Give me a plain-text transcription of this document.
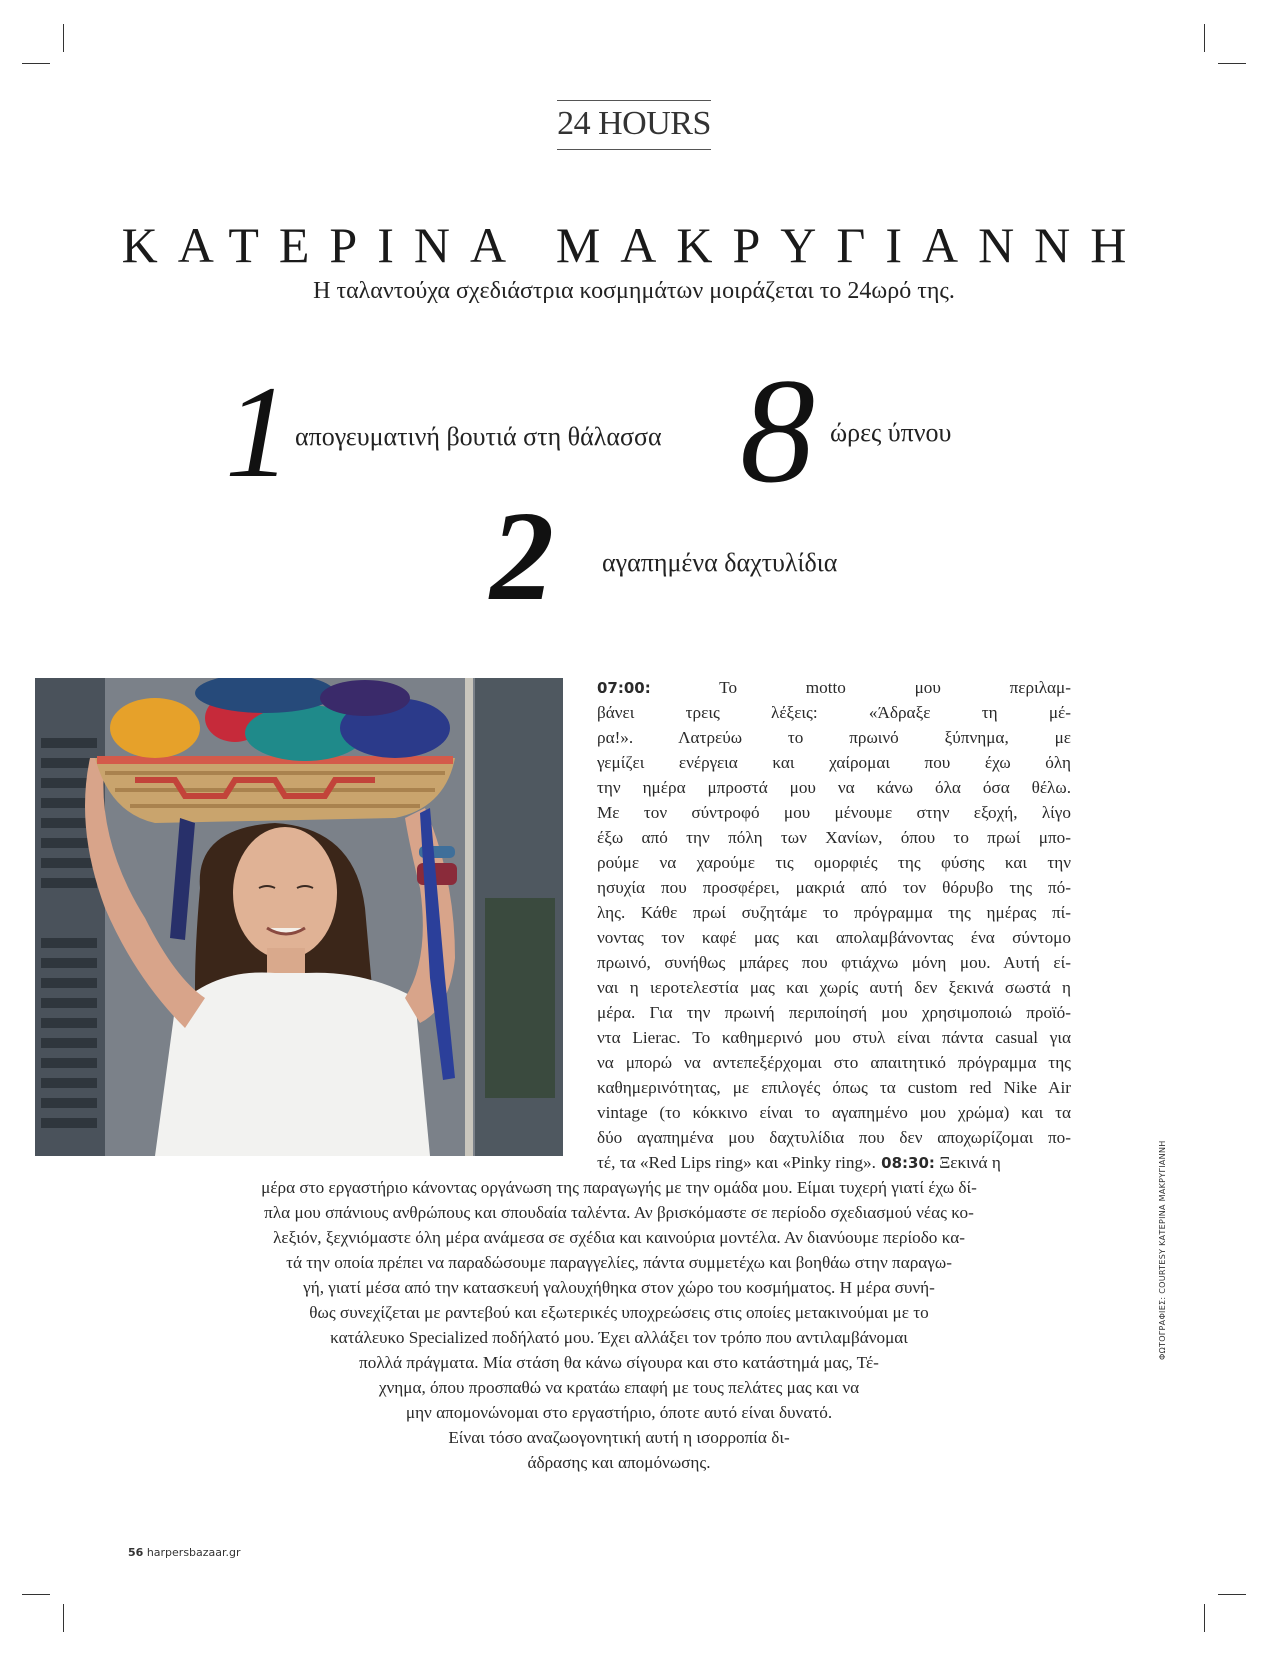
24 HOURS
ΚΑΤΕΡΙΝΑ ΜΑΚΡΥΓΙΑΝΝΗ
Η ταλαντούχα σχεδιάστρια κοσμημάτων μοιράζεται το 24ωρό της.
1 απογευματινή βουτιά στη θάλασσα 8 ώρες ύπνου
2 αγαπημένα δαχτυλίδια
07:00: Το motto μου περιλαμ-
βάνει τρεις λέξεις: «Άδραξε τη μέ-
ρα!». Λατρεύω το πρωινό ξύπνημα, με
γεμίζει ενέργεια και χαίρομαι που έχω όλη
την ημέρα μπροστά μου να κάνω όλα όσα θέλω.
Με τον σύντροφό μου μένουμε στην εξοχή, λίγο
έξω από την πόλη των Χανίων, όπου το πρωί μπο-
ρούμε να χαρούμε τις ομορφιές της φύσης και την
ησυχία που προσφέρει, μακριά από τον θόρυβο της πό-
λης. Κάθε πρωί συζητάμε το πρόγραμμα της ημέρας πί-
νοντας τον καφέ μας και απολαμβάνοντας ένα σύντομο
πρωινό, συνήθως μπάρες που φτιάχνω μόνη μου. Αυτή εί-
ναι η ιεροτελεστία μας και χωρίς αυτή δεν ξεκινά σωστά η
μέρα. Για την πρωινή περιποίησή μου χρησιμοποιώ προϊό-
ντα Lierac. Το καθημερινό μου στυλ είναι πάντα casual για
να μπορώ να αντεπεξέρχομαι στο απαιτητικό πρόγραμμα της
καθημερινότητας, με επιλογές όπως τα custom red Nike Air
vintage (το κόκκινο είναι το αγαπημένο μου χρώμα) και τα
δύο αγαπημένα μου δαχτυλίδια που δεν αποχωρίζομαι πο-
τέ, τα «Red Lips ring» και «Pinky ring». 08:30: Ξεκινά η
μέρα στο εργαστήριο κάνοντας οργάνωση της παραγωγής με την ομάδα μου. Είμαι τυχερή γιατί έχω δί-
πλα μου σπάνιους ανθρώπους και σπουδαία ταλέντα. Αν βρισκόμαστε σε περίοδο σχεδιασμού νέας κο-
λεξιόν, ξεχνιόμαστε όλη μέρα ανάμεσα σε σχέδια και καινούρια μοντέλα. Αν διανύουμε περίοδο κα-
τά την οποία πρέπει να παραδώσουμε παραγγελίες, πάντα συμμετέχω και βοηθάω στην παραγω-
γή, γιατί μέσα από την κατασκευή γαλουχήθηκα στον χώρο του κοσμήματος. Η μέρα συνή-
θως συνεχίζεται με ραντεβού και εξωτερικές υποχρεώσεις στις οποίες μετακινούμαι με το
κατάλευκο Specialized ποδήλατό μου. Έχει αλλάξει τον τρόπο που αντιλαμβάνομαι
πολλά πράγματα. Μία στάση θα κάνω σίγουρα και στο κατάστημά μας, Τέ-
χνημα, όπου προσπαθώ να κρατάω επαφή με τους πελάτες μας και να
μην απομονώνομαι στο εργαστήριο, όποτε αυτό είναι δυνατό.
Είναι τόσο αναζωογονητική αυτή η ισορροπία δι-
άδρασης και απομόνωσης.
56 harpersbazaar.gr
ΦΩΤΟΓΡΑΦΙΕΣ: COURTESY ΚΑΤΕΡΙΝΑ ΜΑΚΡΥΓΙΑΝΝΗ
